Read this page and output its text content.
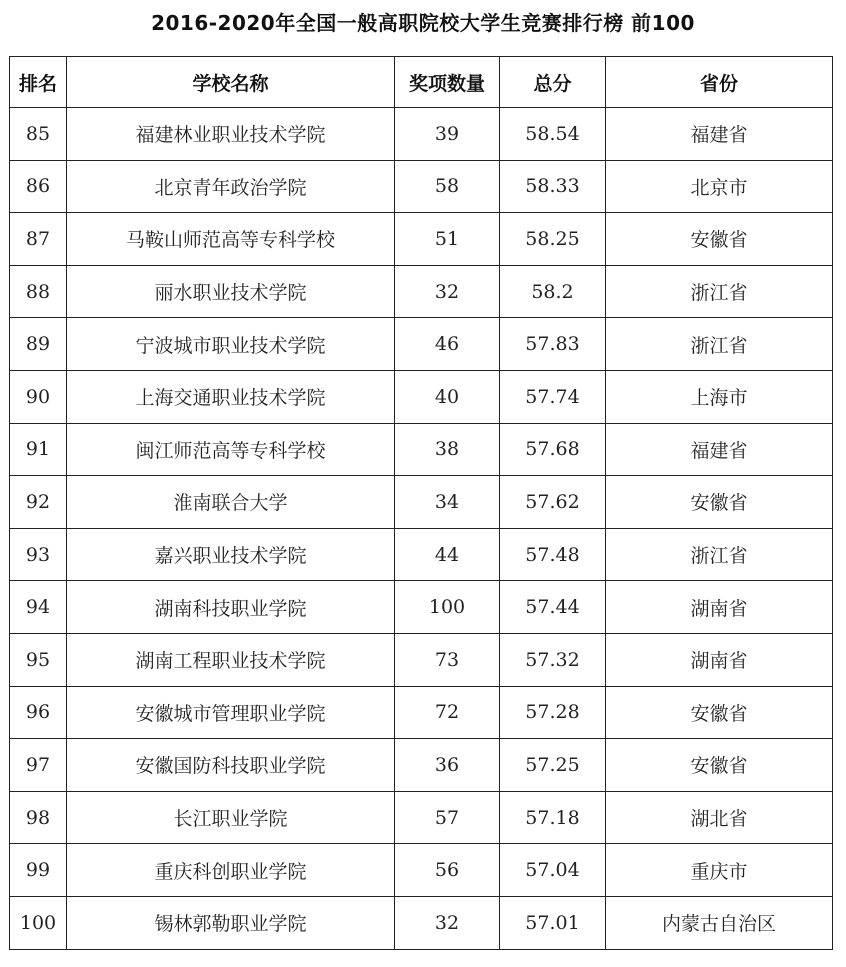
2016-2020年全国一般高职院校大学生竞赛排行榜 前100
排名	学校名称	奖项数量	总分	省份
85	福建林业职业技术学院	39	58.54	福建省
86	北京青年政治学院	58	58.33	北京市
87	马鞍山师范高等专科学校	51	58.25	安徽省
88	丽水职业技术学院	32	58.2	浙江省
89	宁波城市职业技术学院	46	57.83	浙江省
90	上海交通职业技术学院	40	57.74	上海市
91	闽江师范高等专科学校	38	57.68	福建省
92	淮南联合大学	34	57.62	安徽省
93	嘉兴职业技术学院	44	57.48	浙江省
94	湖南科技职业学院	100	57.44	湖南省
95	湖南工程职业技术学院	73	57.32	湖南省
96	安徽城市管理职业学院	72	57.28	安徽省
97	安徽国防科技职业学院	36	57.25	安徽省
98	长江职业学院	57	57.18	湖北省
99	重庆科创职业学院	56	57.04	重庆市
100	锡林郭勒职业学院	32	57.01	内蒙古自治区
